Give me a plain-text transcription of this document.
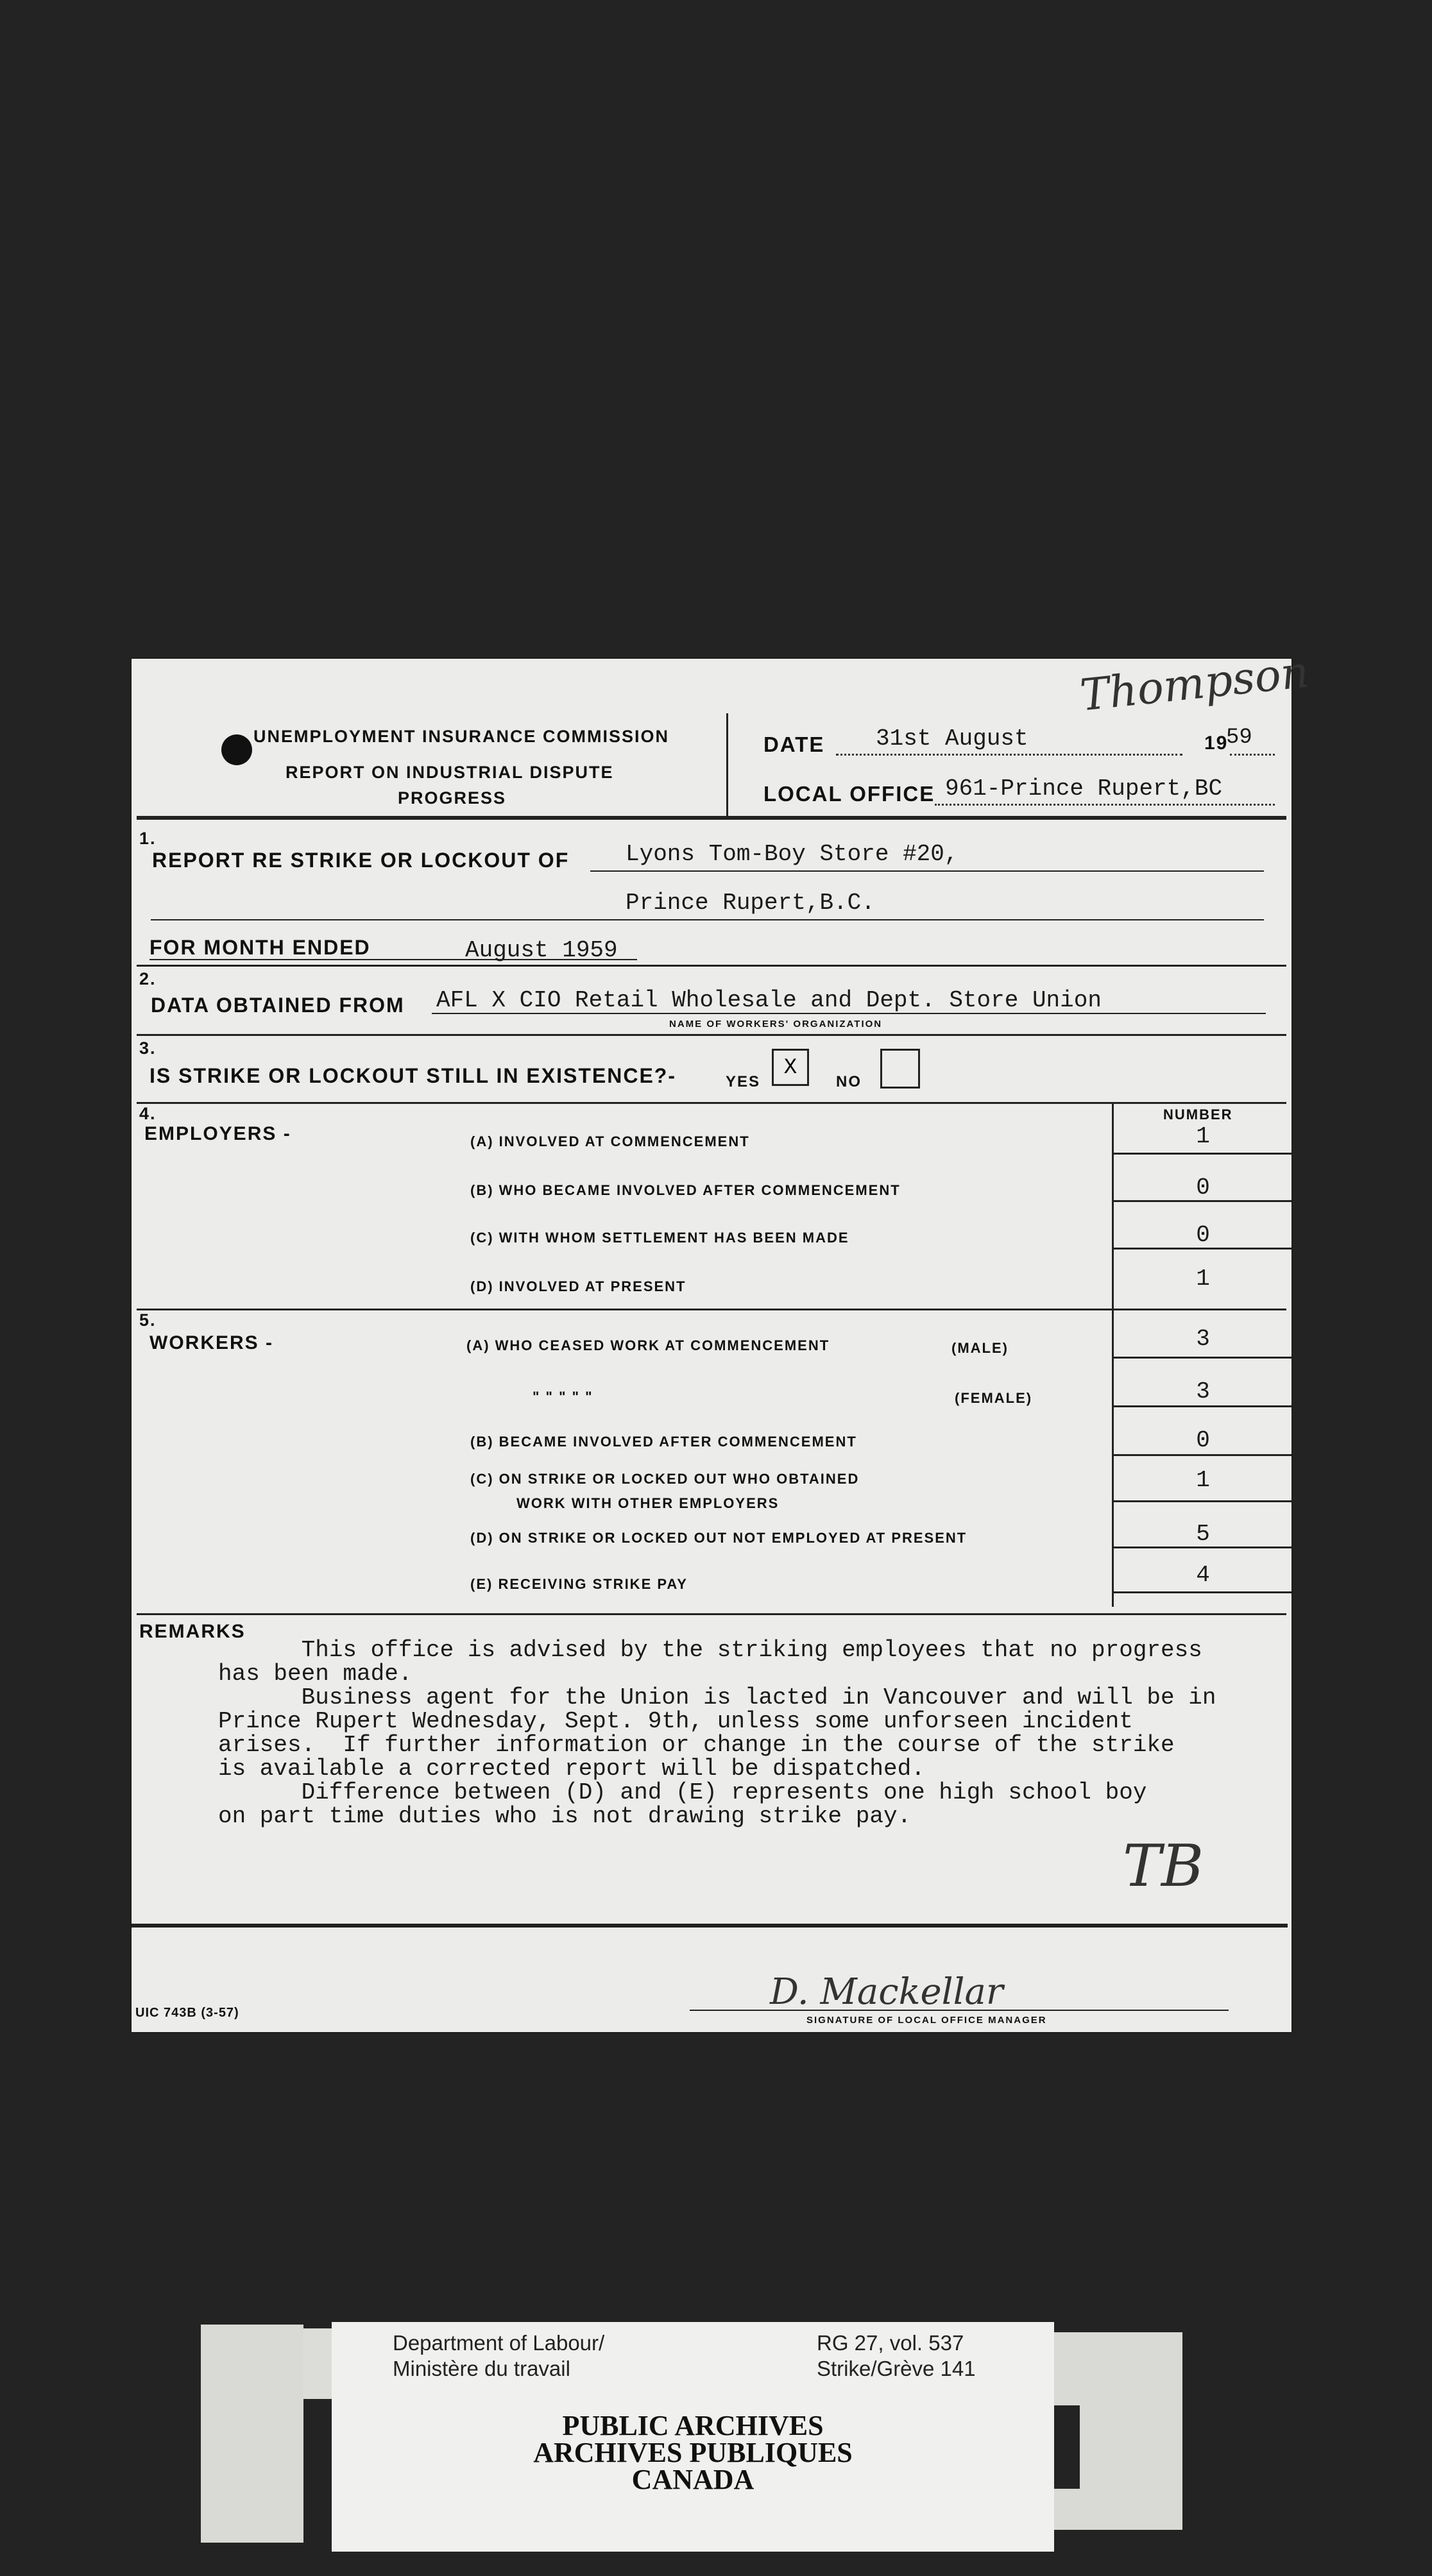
UNEMPLOYMENT INSURANCE COMMISSION
REPORT ON INDUSTRIAL DISPUTE
PROGRESS
DATE 31st August	19
59
LOCAL OFFICE 961-Prince Rupert,BC
Thompson
1.
REPORT RE STRIKE OR LOCKOUT OF Lyons Tom-Boy Store #20,
Prince Rupert,B.C.
FOR MONTH ENDED	August 1959
2.
DATA OBTAINED FROM AFL X CIO Retail Wholesale and Dept. Store Union
NAME OF WORKERS' ORGANIZATION
3.
IS STRIKE OR LOCKOUT STILL IN EXISTENCE?-	YES
X
NO
4.
EMPLOYERS -
NUMBER
(A) INVOLVED AT COMMENCEMENT	1
(B) WHO BECAME INVOLVED AFTER COMMENCEMENT	0
(C) WITH WHOM SETTLEMENT HAS BEEN MADE	0
(D) INVOLVED AT PRESENT	1
5.
WORKERS -	(A) WHO CEASED WORK AT COMMENCEMENT	(MALE)	3
" " " " "	(FEMALE)	3
(B) BECAME INVOLVED AFTER COMMENCEMENT	0
(C) ON STRIKE OR LOCKED OUT WHO OBTAINED
WORK WITH OTHER EMPLOYERS
1
(D) ON STRIKE OR LOCKED OUT NOT EMPLOYED AT PRESENT	5
(E) RECEIVING STRIKE PAY	4
REMARKS
This office is advised by the striking employees that no progress
has been made.
Business agent for the Union is lacted in Vancouver and will be in
Prince Rupert Wednesday, Sept. 9th, unless some unforseen incident
arises.  If further information or change in the course of the strike
is available a corrected report will be dispatched.
Difference between (D) and (E) represents one high school boy
on part time duties who is not drawing strike pay.
TB
UIC 743B (3-57)	D. Mackellar
SIGNATURE OF LOCAL OFFICE MANAGER
Department of Labour/
Ministère du travail
RG 27, vol. 537
Strike/Grève 141
PUBLIC ARCHIVES
ARCHIVES PUBLIQUES
CANADA
